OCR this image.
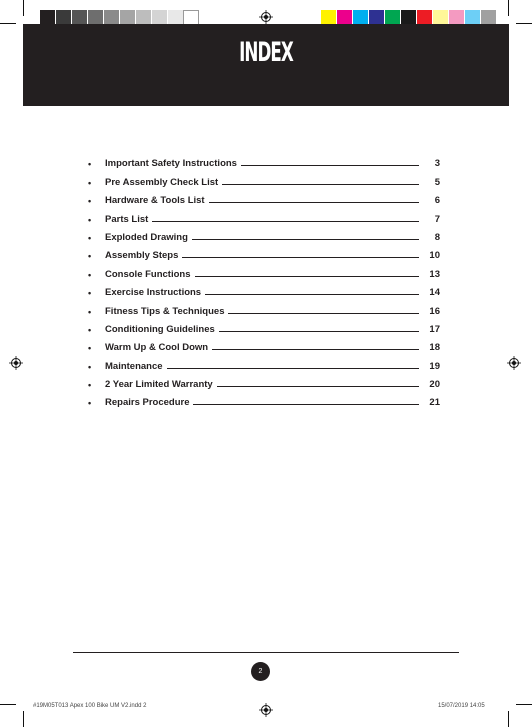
INDEX
•	Important Safety Instructions	3
•	Pre Assembly Check List	5
•	Hardware & Tools List	6
•	Parts List	7
•	Exploded Drawing	8
•	Assembly Steps	10
•	Console Functions	13
•	Exercise Instructions	14
•	Fitness Tips & Techniques	16
•	Conditioning Guidelines	17
•	Warm Up & Cool Down	18
•	Maintenance	19
•	2 Year Limited Warranty	20
•	Repairs Procedure	21
2
#19M05T013 Apex 100 Bike UM V2.indd 2	15/07/2019 14:05
